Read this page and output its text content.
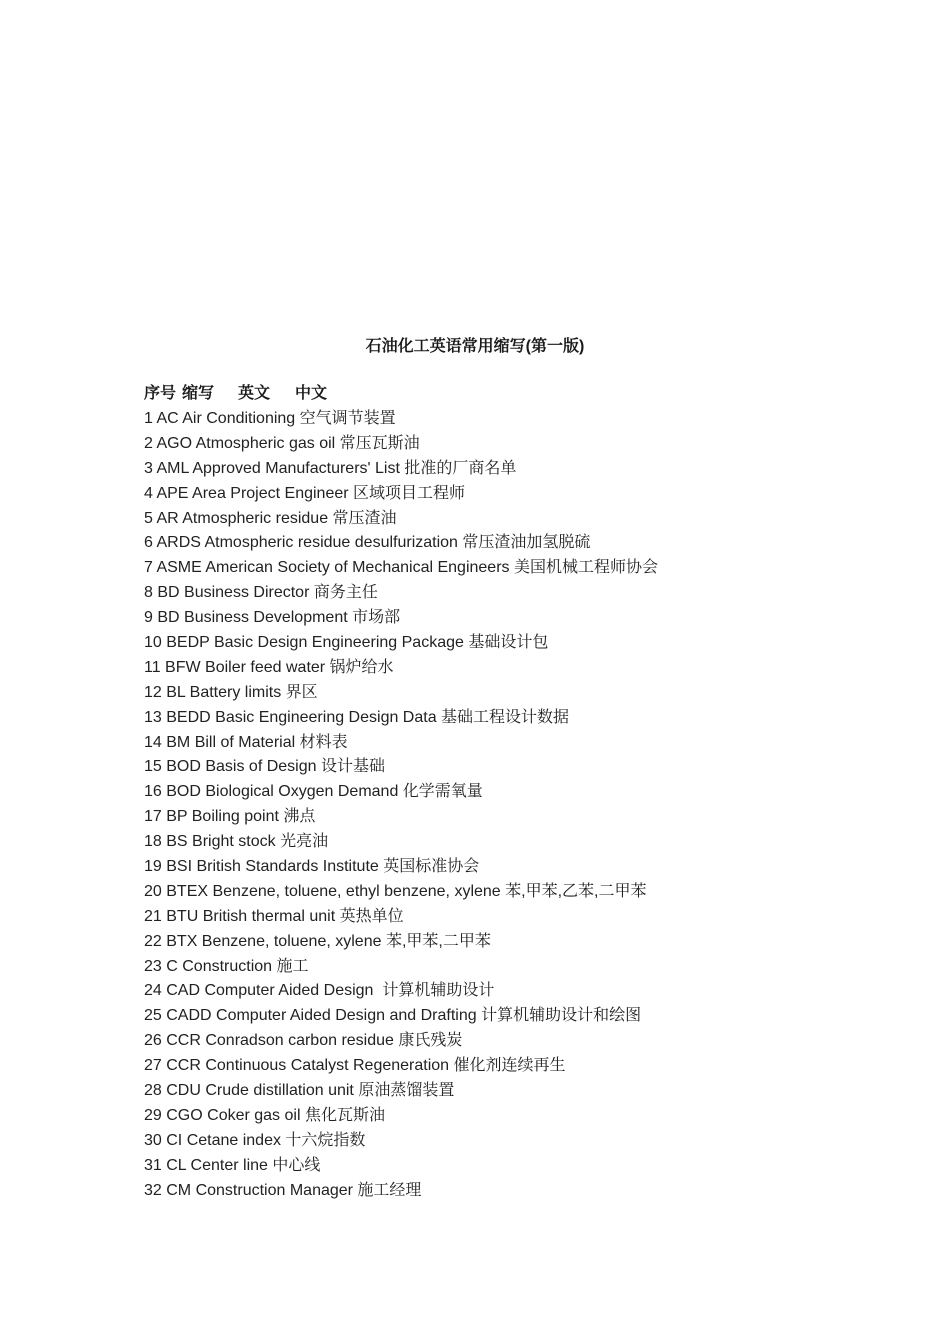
石油化工英语常用缩写(第一版)
序号 缩写 英文 中文
1 AC Air Conditioning 空气调节装置
2 AGO Atmospheric gas oil 常压瓦斯油
3 AML Approved Manufacturers' List 批准的厂商名单
4 APE Area Project Engineer 区域项目工程师
5 AR Atmospheric residue 常压渣油
6 ARDS Atmospheric residue desulfurization 常压渣油加氢脱硫
7 ASME American Society of Mechanical Engineers 美国机械工程师协会
8 BD Business Director 商务主任
9 BD Business Development 市场部
10 BEDP Basic Design Engineering Package 基础设计包
11 BFW Boiler feed water 锅炉给水
12 BL Battery limits 界区
13 BEDD Basic Engineering Design Data 基础工程设计数据
14 BM Bill of Material 材料表
15 BOD Basis of Design 设计基础
16 BOD Biological Oxygen Demand 化学需氧量
17 BP Boiling point 沸点
18 BS Bright stock 光亮油
19 BSI British Standards Institute 英国标准协会
20 BTEX Benzene, toluene, ethyl benzene, xylene 苯,甲苯,乙苯,二甲苯
21 BTU British thermal unit 英热单位
22 BTX Benzene, toluene, xylene 苯,甲苯,二甲苯
23 C Construction 施工
24 CAD Computer Aided Design  计算机辅助设计
25 CADD Computer Aided Design and Drafting 计算机辅助设计和绘图
26 CCR Conradson carbon residue 康氏残炭
27 CCR Continuous Catalyst Regeneration 催化剂连续再生
28 CDU Crude distillation unit 原油蒸馏装置
29 CGO Coker gas oil 焦化瓦斯油
30 CI Cetane index 十六烷指数
31 CL Center line 中心线
32 CM Construction Manager 施工经理
